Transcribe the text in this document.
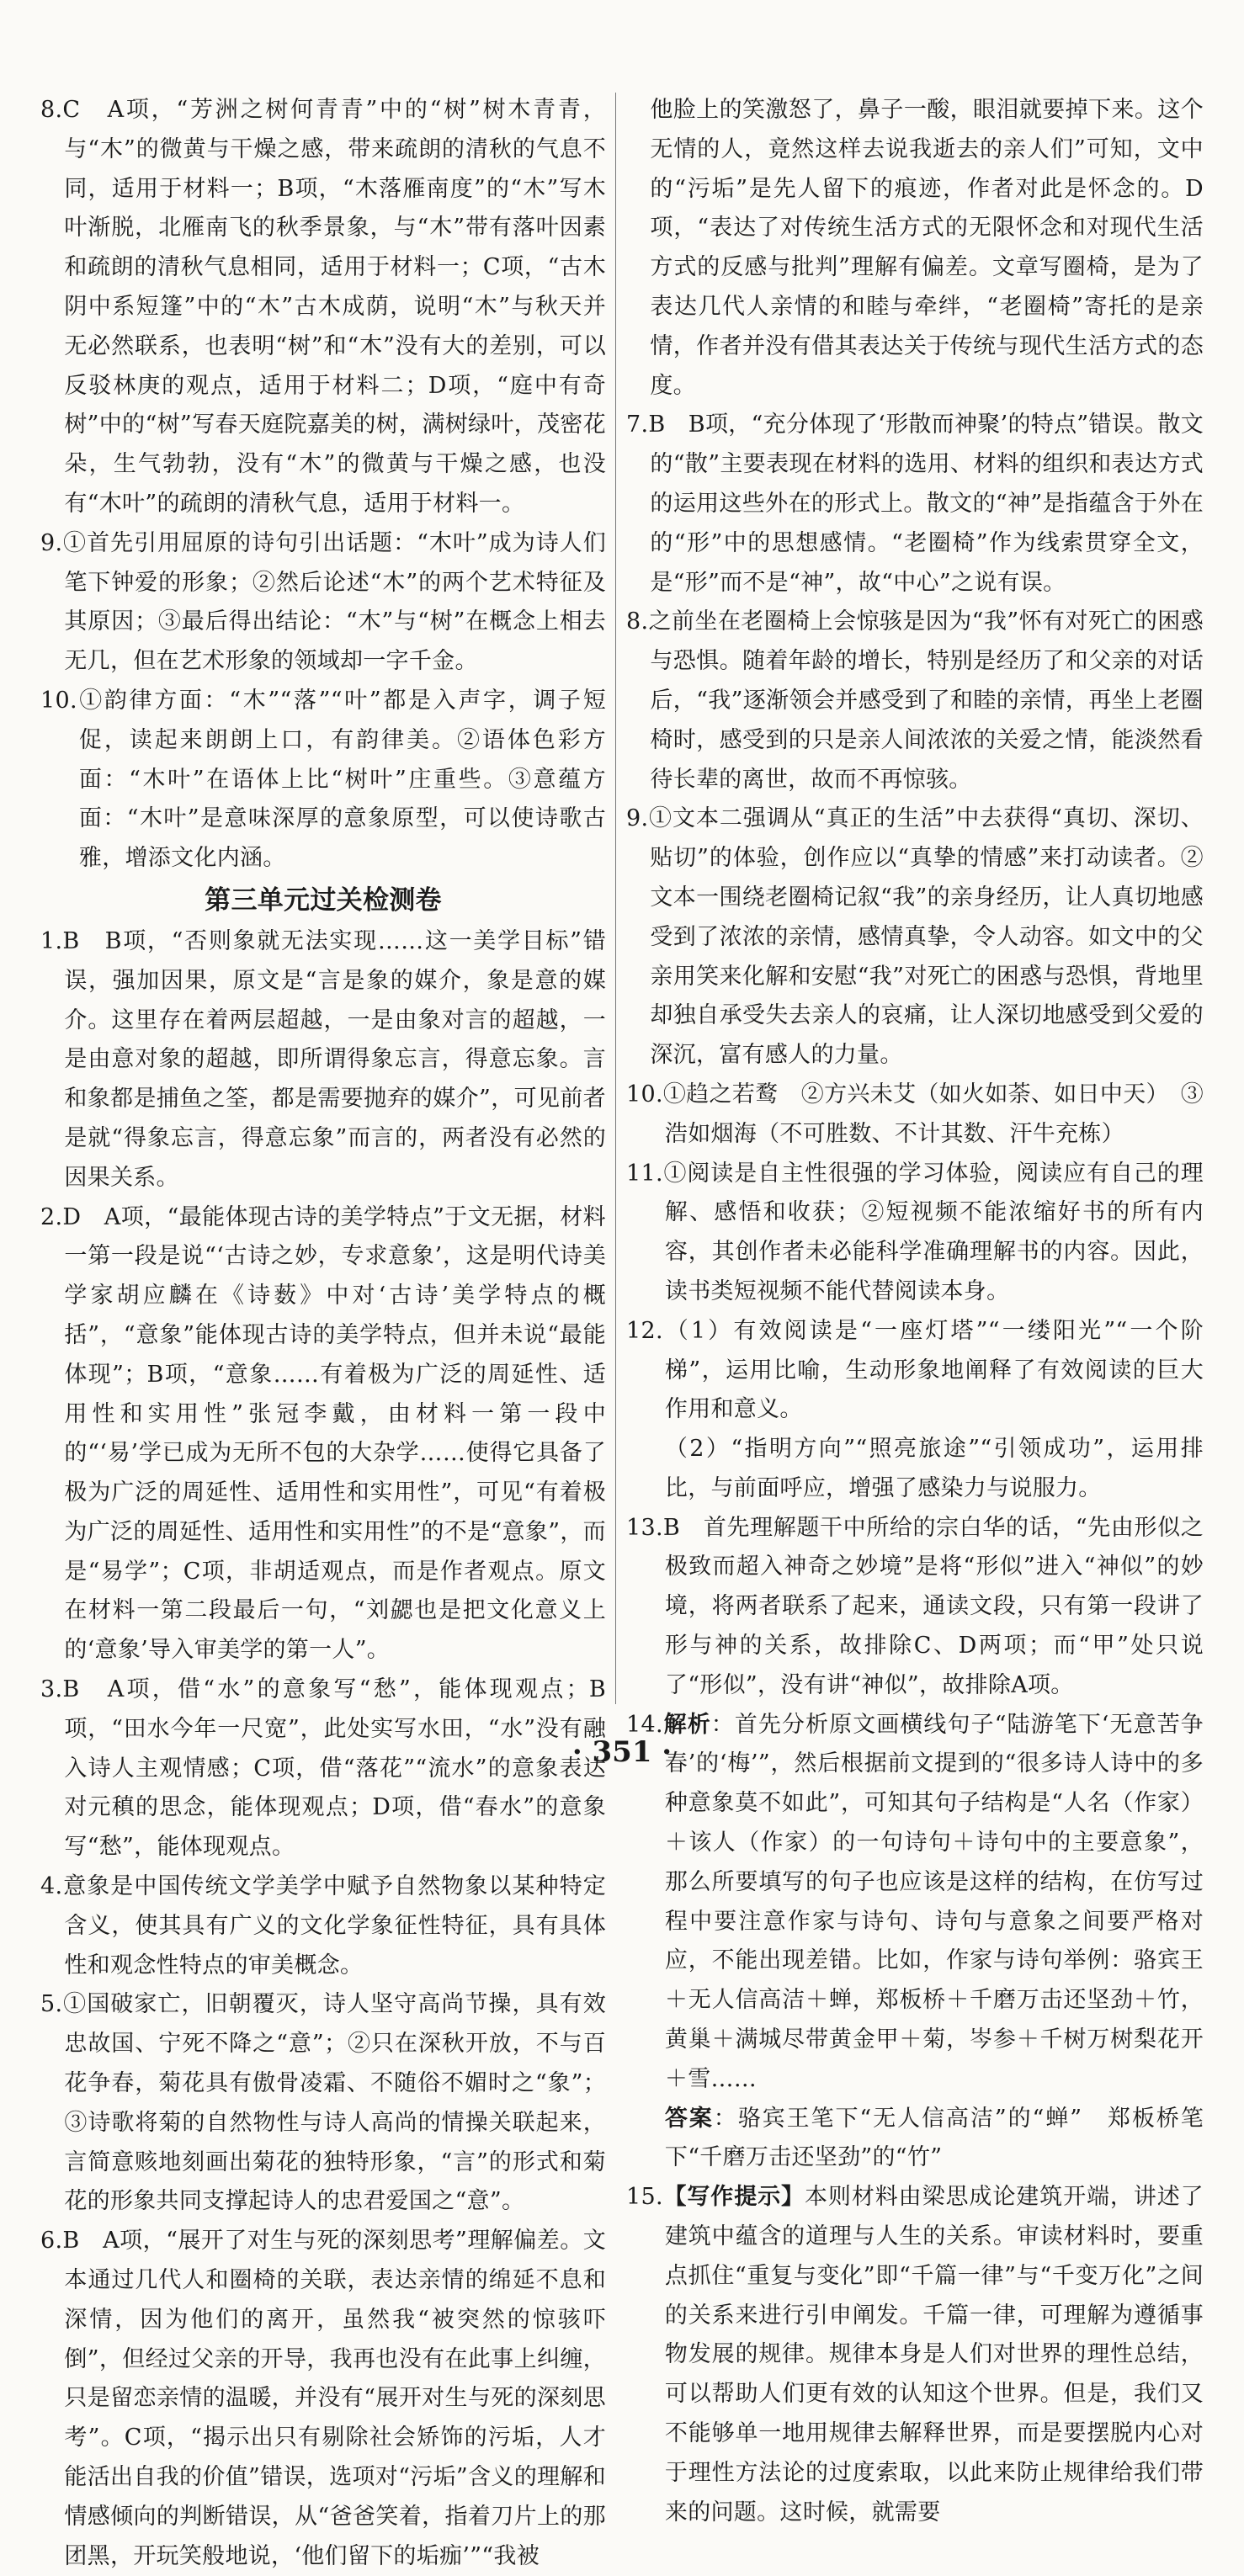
8.C　A项，“芳洲之树何青青”中的“树”树木青青，与“木”的微黄与干燥之感，带来疏朗的清秋的气息不同，适用于材料一；B项，“木落雁南度”的“木”写木叶渐脱，北雁南飞的秋季景象，与“木”带有落叶因素和疏朗的清秋气息相同，适用于材料一；C项，“古木阴中系短篷”中的“木”古木成荫，说明“木”与秋天并无必然联系，也表明“树”和“木”没有大的差别，可以反驳林庚的观点，适用于材料二；D项，“庭中有奇树”中的“树”写春天庭院嘉美的树，满树绿叶，茂密花朵，生气勃勃，没有“木”的微黄与干燥之感，也没有“木叶”的疏朗的清秋气息，适用于材料一。

9.①首先引用屈原的诗句引出话题：“木叶”成为诗人们笔下钟爱的形象；②然后论述“木”的两个艺术特征及其原因；③最后得出结论：“木”与“树”在概念上相去无几，但在艺术形象的领域却一字千金。

10.①韵律方面：“木”“落”“叶”都是入声字，调子短促，读起来朗朗上口，有韵律美。②语体色彩方面：“木叶”在语体上比“树叶”庄重些。③意蕴方面：“木叶”是意味深厚的意象原型，可以使诗歌古雅，增添文化内涵。

第三单元过关检测卷

1.B　B项，“否则象就无法实现……这一美学目标”错误，强加因果，原文是“言是象的媒介，象是意的媒介。这里存在着两层超越，一是由象对言的超越，一是由意对象的超越，即所谓得象忘言，得意忘象。言和象都是捕鱼之筌，都是需要抛弃的媒介”，可见前者是就“得象忘言，得意忘象”而言的，两者没有必然的因果关系。

2.D　A项，“最能体现古诗的美学特点”于文无据，材料一第一段是说“‘古诗之妙，专求意象’，这是明代诗美学家胡应麟在《诗薮》中对‘古诗’美学特点的概括”，“意象”能体现古诗的美学特点，但并未说“最能体现”；B项，“意象……有着极为广泛的周延性、适用性和实用性”张冠李戴，由材料一第一段中的“‘易’学已成为无所不包的大杂学……使得它具备了极为广泛的周延性、适用性和实用性”，可见“有着极为广泛的周延性、适用性和实用性”的不是“意象”，而是“易学”；C项，非胡适观点，而是作者观点。原文在材料一第二段最后一句，“刘勰也是把文化意义上的‘意象’导入审美学的第一人”。

3.B　A项，借“水”的意象写“愁”，能体现观点；B项，“田水今年一尺宽”，此处实写水田，“水”没有融入诗人主观情感；C项，借“落花”“流水”的意象表达对元稹的思念，能体现观点；D项，借“春水”的意象写“愁”，能体现观点。

4.意象是中国传统文学美学中赋予自然物象以某种特定含义，使其具有广义的文化学象征性特征，具有具体性和观念性特点的审美概念。

5.①国破家亡，旧朝覆灭，诗人坚守高尚节操，具有效忠故国、宁死不降之“意”；②只在深秋开放，不与百花争春，菊花具有傲骨凌霜、不随俗不媚时之“象”；③诗歌将菊的自然物性与诗人高尚的情操关联起来，言简意赅地刻画出菊花的独特形象，“言”的形式和菊花的形象共同支撑起诗人的忠君爱国之“意”。

6.B　A项，“展开了对生与死的深刻思考”理解偏差。文本通过几代人和圈椅的关联，表达亲情的绵延不息和深情，因为他们的离开，虽然我“被突然的惊骇吓倒”，但经过父亲的开导，我再也没有在此事上纠缠，只是留恋亲情的温暖，并没有“展开对生与死的深刻思考”。C项，“揭示出只有剔除社会矫饰的污垢，人才能活出自我的价值”错误，选项对“污垢”含义的理解和情感倾向的判断错误，从“爸爸笑着，指着刀片上的那团黑，开玩笑般地说，‘他们留下的垢痂’”“我被

他脸上的笑激怒了，鼻子一酸，眼泪就要掉下来。这个无情的人，竟然这样去说我逝去的亲人们”可知，文中的“污垢”是先人留下的痕迹，作者对此是怀念的。D项，“表达了对传统生活方式的无限怀念和对现代生活方式的反感与批判”理解有偏差。文章写圈椅，是为了表达几代人亲情的和睦与牵绊，“老圈椅”寄托的是亲情，作者并没有借其表达关于传统与现代生活方式的态度。

7.B　B项，“充分体现了‘形散而神聚’的特点”错误。散文的“散”主要表现在材料的选用、材料的组织和表达方式的运用这些外在的形式上。散文的“神”是指蕴含于外在的“形”中的思想感情。“老圈椅”作为线索贯穿全文，是“形”而不是“神”，故“中心”之说有误。

8.之前坐在老圈椅上会惊骇是因为“我”怀有对死亡的困惑与恐惧。随着年龄的增长，特别是经历了和父亲的对话后，“我”逐渐领会并感受到了和睦的亲情，再坐上老圈椅时，感受到的只是亲人间浓浓的关爱之情，能淡然看待长辈的离世，故而不再惊骇。

9.①文本二强调从“真正的生活”中去获得“真切、深切、贴切”的体验，创作应以“真挚的情感”来打动读者。②文本一围绕老圈椅记叙“我”的亲身经历，让人真切地感受到了浓浓的亲情，感情真挚，令人动容。如文中的父亲用笑来化解和安慰“我”对死亡的困惑与恐惧，背地里却独自承受失去亲人的哀痛，让人深切地感受到父爱的深沉，富有感人的力量。

10.①趋之若鹜　②方兴未艾（如火如荼、如日中天）　③浩如烟海（不可胜数、不计其数、汗牛充栋）

11.①阅读是自主性很强的学习体验，阅读应有自己的理解、感悟和收获；②短视频不能浓缩好书的所有内容，其创作者未必能科学准确理解书的内容。因此，读书类短视频不能代替阅读本身。

12.（1）有效阅读是“一座灯塔”“一缕阳光”“一个阶梯”，运用比喻，生动形象地阐释了有效阅读的巨大作用和意义。

（2）“指明方向”“照亮旅途”“引领成功”，运用排比，与前面呼应，增强了感染力与说服力。

13.B　首先理解题干中所给的宗白华的话，“先由形似之极致而超入神奇之妙境”是将“形似”进入“神似”的妙境，将两者联系了起来，通读文段，只有第一段讲了形与神的关系，故排除C、D两项；而“甲”处只说了“形似”，没有讲“神似”，故排除A项。

14.解析：首先分析原文画横线句子“陆游笔下‘无意苦争春’的‘梅’”，然后根据前文提到的“很多诗人诗中的多种意象莫不如此”，可知其句子结构是“人名（作家）＋该人（作家）的一句诗句＋诗句中的主要意象”，那么所要填写的句子也应该是这样的结构，在仿写过程中要注意作家与诗句、诗句与意象之间要严格对应，不能出现差错。比如，作家与诗句举例：骆宾王＋无人信高洁＋蝉，郑板桥＋千磨万击还坚劲＋竹，黄巢＋满城尽带黄金甲＋菊，岑参＋千树万树梨花开＋雪……

答案：骆宾王笔下“无人信高洁”的“蝉”　郑板桥笔下“千磨万击还坚劲”的“竹”

15.【写作提示】本则材料由梁思成论建筑开端，讲述了建筑中蕴含的道理与人生的关系。审读材料时，要重点抓住“重复与变化”即“千篇一律”与“千变万化”之间的关系来进行引申阐发。千篇一律，可理解为遵循事物发展的规律。规律本身是人们对世界的理性总结，可以帮助人们更有效的认知这个世界。但是，我们又不能够单一地用规律去解释世界，而是要摆脱内心对于理性方法论的过度索取，以此来防止规律给我们带来的问题。这时候，就需要

· 351 ·
